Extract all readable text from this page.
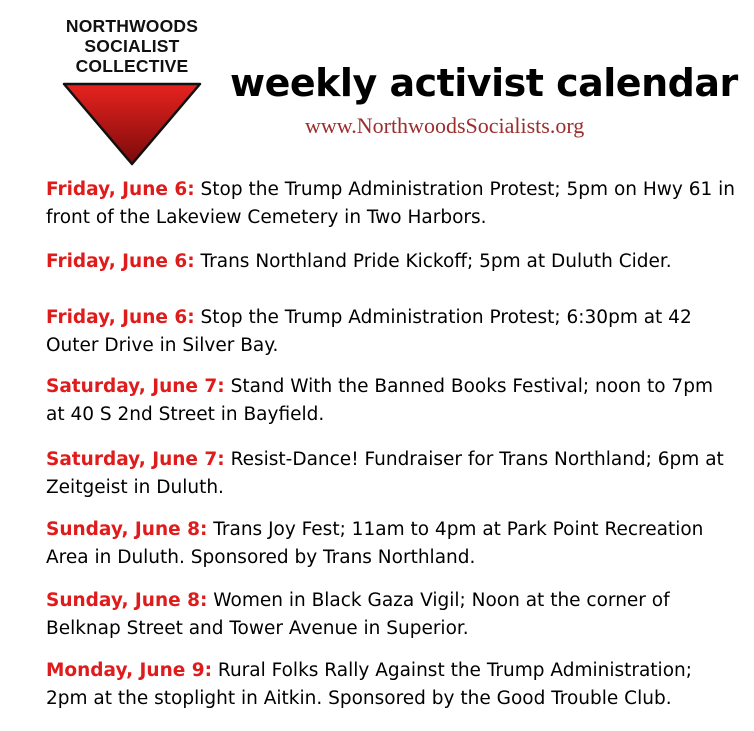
NORTHWOODS
SOCIALIST
COLLECTIVE	weekly activist calendar
www.NorthwoodsSocialists.org
Friday, June 6: Stop the Trump Administration Protest; 5pm on Hwy 61 in front of the Lakeview Cemetery in Two Harbors.
Friday, June 6: Trans Northland Pride Kickoff; 5pm at Duluth Cider.
Friday, June 6: Stop the Trump Administration Protest; 6:30pm at 42 Outer Drive in Silver Bay.
Saturday, June 7: Stand With the Banned Books Festival; noon to 7pm at 40 S 2nd Street in Bayfield.
Saturday, June 7: Resist-Dance! Fundraiser for Trans Northland; 6pm at Zeitgeist in Duluth.
Sunday, June 8: Trans Joy Fest; 11am to 4pm at Park Point Recreation Area in Duluth. Sponsored by Trans Northland.
Sunday, June 8: Women in Black Gaza Vigil; Noon at the corner of Belknap Street and Tower Avenue in Superior.
Monday, June 9: Rural Folks Rally Against the Trump Administration; 2pm at the stoplight in Aitkin. Sponsored by the Good Trouble Club.
